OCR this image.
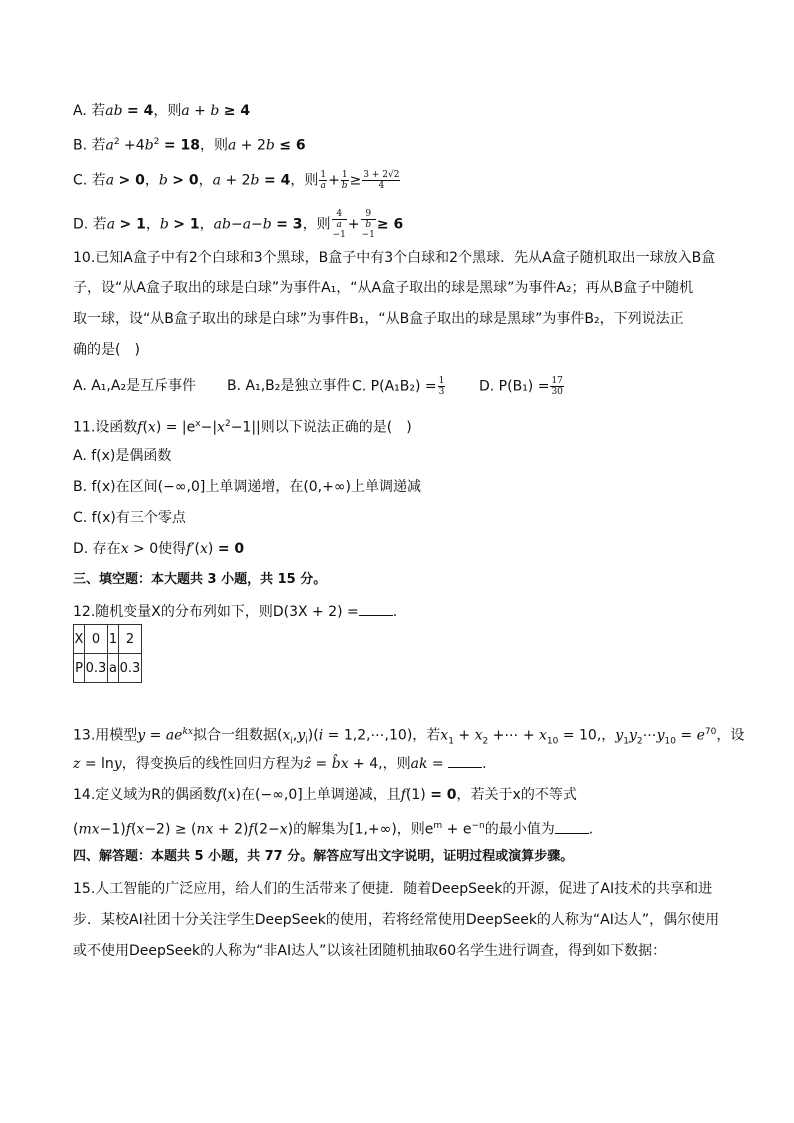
A. 若ab = 4，则a + b ≥ 4
B. 若$a^2 +4b^2 = 18$，则a + 2b ≤ 6
C. 若a > 0，b > 0，a + 2b = 4，则 $\frac{1}{a} + \frac{1}{b} \ge \frac{3 + 2√2}{4}$
D. 若a > 1，b > 1，ab−a−b = 3，则 4
a
−1 + 9
b
−1 ≥ 6
10.已知A盒子中有2个白球和3个黑球，B盒子中有3个白球和2个黑球．先从A盒子随机取出一球放入B盒
子，设“从A盒子取出的球是白球”为事件A₁，“从A盒子取出的球是黑球”为事件A₂；再从B盒子中随机
取一球，设“从B盒子取出的球是白球”为事件B₁，“从B盒子取出的球是黑球”为事件B₂，下列说法正
确的是(　)
A. A₁,A₂是互斥事件 B. A₁,B₂是独立事件 C. $P(A_1B_2) = \frac{1}{3} D$. $P(B_1) = \frac{17}{30}$
11.设函数$f(x) = |e^x-|x^2-1||$则以下说法正确的是(　)
A. f(x)是偶函数
B. f(x)在区间(−∞,0]上单调递增，在(0,+∞)上单调递减
C. f(x)有三个零点
D. 存在x > 0使得f′(x) = 0
三、填空题：本大题共 3 小题，共 15 分。
12.随机变量X的分布列如下，则D(3X + 2) = .
X	0	1	2
P	0.3	a	0.3
13.用模型$y = ae^{kx}$拟合一组数据$(x_i,y_i)(i$ = 1,2,⋯,10)，若$x_1 + x_2$ +⋯ + $x_{10} = 10$,，$y_1y_2\cdots y_{10} = e^{70}$，设
z = lny，得变换后的线性回归方程为ẑ = b̂x + 4,，则ak = .
14.定义域为R的偶函数f(x)在(−∞,0]上单调递减，且f(1) = 0，若关于x的不等式
(mx−1)f(x−2) ≥ (nx + 2)f(2−x)的解集为[1,+∞)，则$e^m + e^{-n}$的最小值为 .
四、解答题：本题共 5 小题，共 77 分。解答应写出文字说明，证明过程或演算步骤。
15.人工智能的广泛应用，给人们的生活带来了便捷．随着DeepSeek的开源，促进了AI技术的共享和进
步．某校AI社团十分关注学生DeepSeek的使用，若将经常使用DeepSeek的人称为“AI达人”，偶尔使用
或不使用DeepSeek的人称为“非AI达人”以该社团随机抽取60名学生进行调查，得到如下数据：
